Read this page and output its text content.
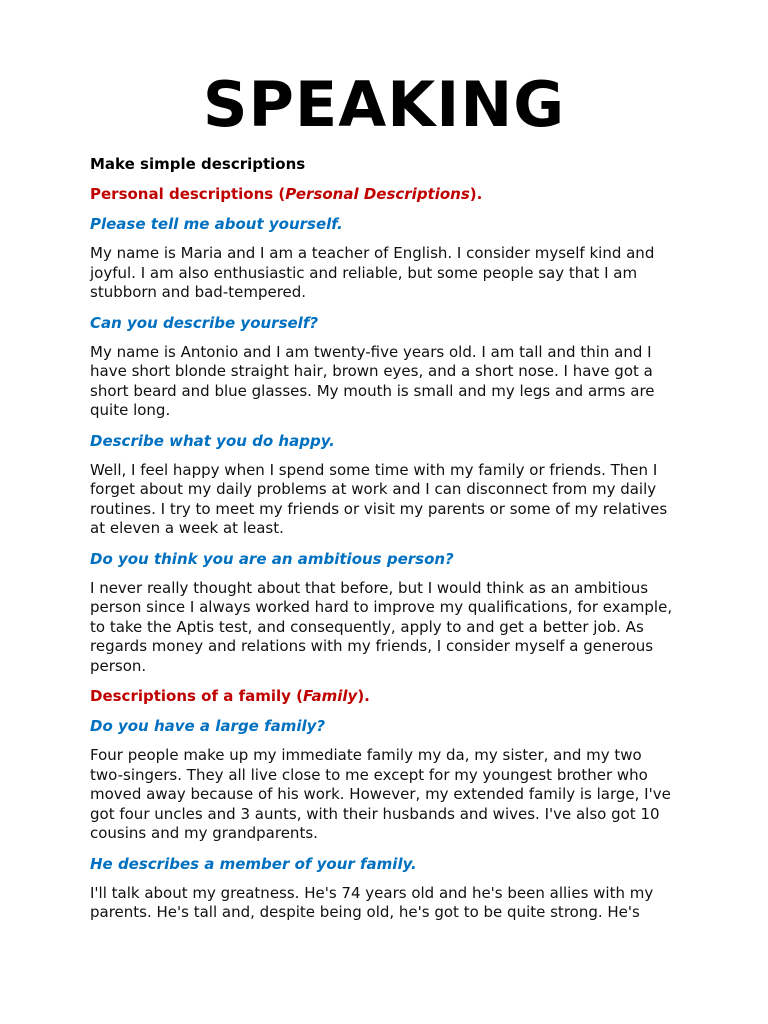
SPEAKING

Make simple descriptions

Personal descriptions (Personal Descriptions).

Please tell me about yourself.

My name is Maria and I am a teacher of English. I consider myself kind and joyful. I am also enthusiastic and reliable, but some people say that I am stubborn and bad-tempered.

Can you describe yourself?

My name is Antonio and I am twenty-five years old. I am tall and thin and I have short blonde straight hair, brown eyes, and a short nose. I have got a short beard and blue glasses. My mouth is small and my legs and arms are quite long.

Describe what you do happy.

Well, I feel happy when I spend some time with my family or friends. Then I forget about my daily problems at work and I can disconnect from my daily routines. I try to meet my friends or visit my parents or some of my relatives at eleven a week at least.

Do you think you are an ambitious person?

I never really thought about that before, but I would think as an ambitious person since I always worked hard to improve my qualifications, for example, to take the Aptis test, and consequently, apply to and get a better job. As regards money and relations with my friends, I consider myself a generous person.

Descriptions of a family (Family).

Do you have a large family?

Four people make up my immediate family my da, my sister, and my two two-singers. They all live close to me except for my youngest brother who moved away because of his work. However, my extended family is large, I've got four uncles and 3 aunts, with their husbands and wives. I've also got 10 cousins and my grandparents.

He describes a member of your family.

I'll talk about my greatness. He's 74 years old and he's been allies with my parents. He's tall and, despite being old, he's got to be quite strong. He's
